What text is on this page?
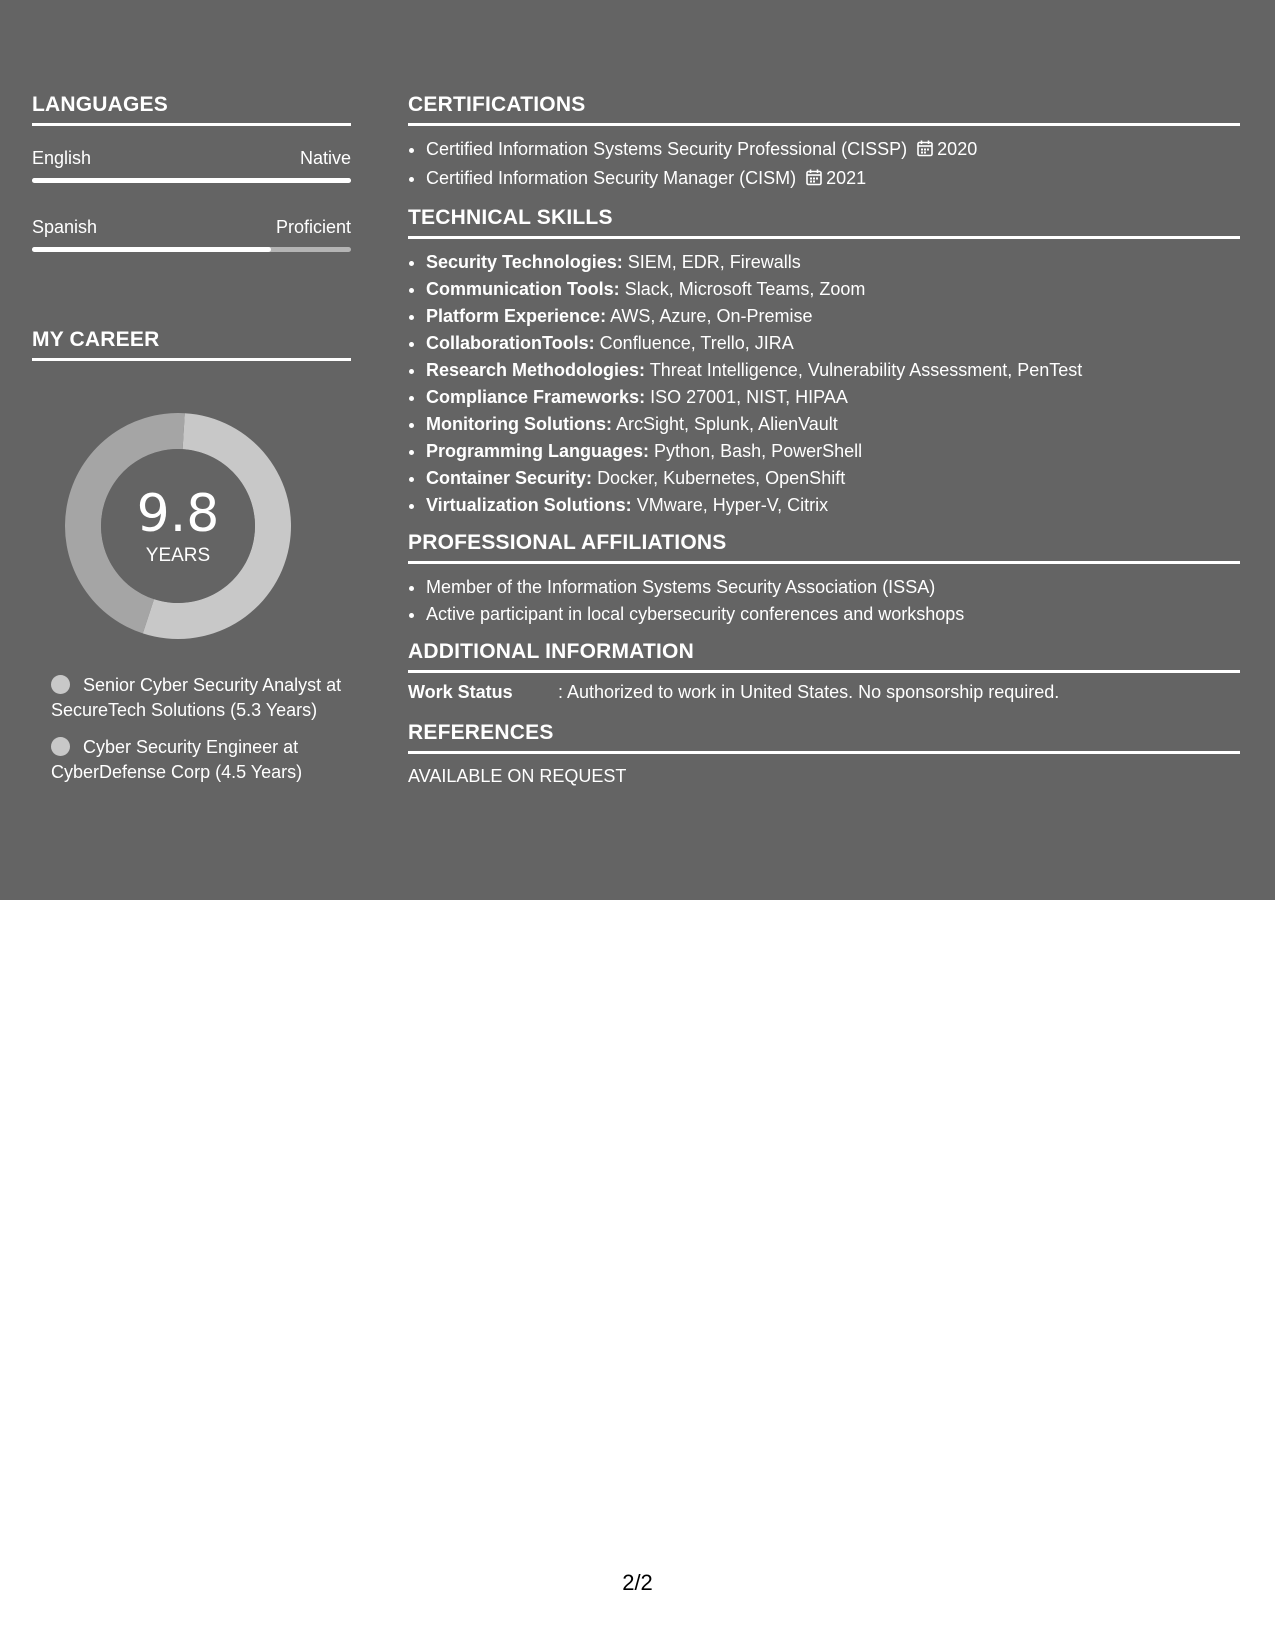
LANGUAGES
English	Native
Spanish	Proficient
MY CAREER
9.8
YEARS
Senior Cyber Security Analyst at SecureTech Solutions (5.3 Years)
Cyber Security Engineer at CyberDefense Corp (4.5 Years)
CERTIFICATIONS
• Certified Information Systems Security Professional (CISSP) 2020
• Certified Information Security Manager (CISM) 2021
TECHNICAL SKILLS
• Security Technologies: SIEM, EDR, Firewalls
• Communication Tools: Slack, Microsoft Teams, Zoom
• Platform Experience: AWS, Azure, On-Premise
• CollaborationTools: Confluence, Trello, JIRA
• Research Methodologies: Threat Intelligence, Vulnerability Assessment, PenTest
• Compliance Frameworks: ISO 27001, NIST, HIPAA
• Monitoring Solutions: ArcSight, Splunk, AlienVault
• Programming Languages: Python, Bash, PowerShell
• Container Security: Docker, Kubernetes, OpenShift
• Virtualization Solutions: VMware, Hyper-V, Citrix
PROFESSIONAL AFFILIATIONS
• Member of the Information Systems Security Association (ISSA)
• Active participant in local cybersecurity conferences and workshops
ADDITIONAL INFORMATION
Work Status	: Authorized to work in United States. No sponsorship required.
REFERENCES
AVAILABLE ON REQUEST
2/2
